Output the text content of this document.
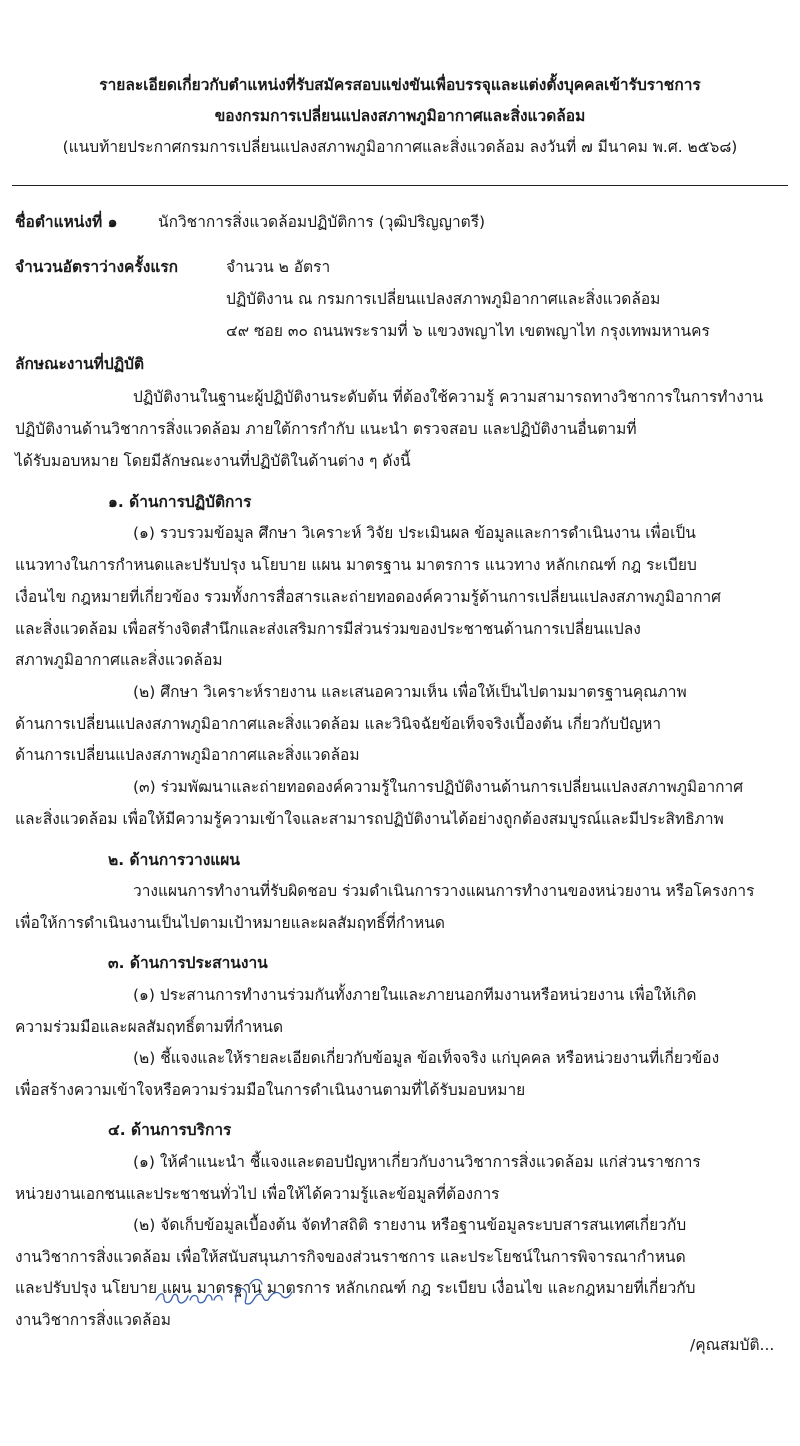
รายละเอียดเกี่ยวกับตำแหน่งที่รับสมัครสอบแข่งขันเพื่อบรรจุและแต่งตั้งบุคคลเข้ารับราชการ
ของกรมการเปลี่ยนแปลงสภาพภูมิอากาศและสิ่งแวดล้อม
(แนบท้ายประกาศกรมการเปลี่ยนแปลงสภาพภูมิอากาศและสิ่งแวดล้อม ลงวันที่ ๗ มีนาคม พ.ศ. ๒๕๖๘)
ชื่อตำแหน่งที่ ๑	นักวิชาการสิ่งแวดล้อมปฏิบัติการ (วุฒิปริญญาตรี)
จำนวนอัตราว่างครั้งแรก	จำนวน ๒ อัตรา
ปฏิบัติงาน ณ กรมการเปลี่ยนแปลงสภาพภูมิอากาศและสิ่งแวดล้อม
๔๙ ซอย ๓๐ ถนนพระรามที่ ๖ แขวงพญาไท เขตพญาไท กรุงเทพมหานคร
ลักษณะงานที่ปฏิบัติ
ปฏิบัติงานในฐานะผู้ปฏิบัติงานระดับต้น ที่ต้องใช้ความรู้ ความสามารถทางวิชาการในการทำงาน
ปฏิบัติงานด้านวิชาการสิ่งแวดล้อม ภายใต้การกำกับ แนะนำ ตรวจสอบ และปฏิบัติงานอื่นตามที่
ได้รับมอบหมาย โดยมีลักษณะงานที่ปฏิบัติในด้านต่าง ๆ ดังนี้
๑. ด้านการปฏิบัติการ
(๑) รวบรวมข้อมูล ศึกษา วิเคราะห์ วิจัย ประเมินผล ข้อมูลและการดำเนินงาน เพื่อเป็น
แนวทางในการกำหนดและปรับปรุง นโยบาย แผน มาตรฐาน มาตรการ แนวทาง หลักเกณฑ์ กฎ ระเบียบ
เงื่อนไข กฎหมายที่เกี่ยวข้อง รวมทั้งการสื่อสารและถ่ายทอดองค์ความรู้ด้านการเปลี่ยนแปลงสภาพภูมิอากาศ
และสิ่งแวดล้อม เพื่อสร้างจิตสำนึกและส่งเสริมการมีส่วนร่วมของประชาชนด้านการเปลี่ยนแปลง
สภาพภูมิอากาศและสิ่งแวดล้อม
(๒) ศึกษา วิเคราะห์รายงาน และเสนอความเห็น เพื่อให้เป็นไปตามมาตรฐานคุณภาพ
ด้านการเปลี่ยนแปลงสภาพภูมิอากาศและสิ่งแวดล้อม และวินิจฉัยข้อเท็จจริงเบื้องต้น เกี่ยวกับปัญหา
ด้านการเปลี่ยนแปลงสภาพภูมิอากาศและสิ่งแวดล้อม
(๓) ร่วมพัฒนาและถ่ายทอดองค์ความรู้ในการปฏิบัติงานด้านการเปลี่ยนแปลงสภาพภูมิอากาศ
และสิ่งแวดล้อม เพื่อให้มีความรู้ความเข้าใจและสามารถปฏิบัติงานได้อย่างถูกต้องสมบูรณ์และมีประสิทธิภาพ
๒. ด้านการวางแผน
วางแผนการทำงานที่รับผิดชอบ ร่วมดำเนินการวางแผนการทำงานของหน่วยงาน หรือโครงการ
เพื่อให้การดำเนินงานเป็นไปตามเป้าหมายและผลสัมฤทธิ์ที่กำหนด
๓. ด้านการประสานงาน
(๑) ประสานการทำงานร่วมกันทั้งภายในและภายนอกทีมงานหรือหน่วยงาน เพื่อให้เกิด
ความร่วมมือและผลสัมฤทธิ์ตามที่กำหนด
(๒) ชี้แจงและให้รายละเอียดเกี่ยวกับข้อมูล ข้อเท็จจริง แก่บุคคล หรือหน่วยงานที่เกี่ยวข้อง
เพื่อสร้างความเข้าใจหรือความร่วมมือในการดำเนินงานตามที่ได้รับมอบหมาย
๔. ด้านการบริการ
(๑) ให้คำแนะนำ ชี้แจงและตอบปัญหาเกี่ยวกับงานวิชาการสิ่งแวดล้อม แก่ส่วนราชการ
หน่วยงานเอกชนและประชาชนทั่วไป เพื่อให้ได้ความรู้และข้อมูลที่ต้องการ
(๒) จัดเก็บข้อมูลเบื้องต้น จัดทำสถิติ รายงาน หรือฐานข้อมูลระบบสารสนเทศเกี่ยวกับ
งานวิชาการสิ่งแวดล้อม เพื่อให้สนับสนุนภารกิจของส่วนราชการ และประโยชน์ในการพิจารณากำหนด
และปรับปรุง นโยบาย แผน มาตรฐาน มาตรการ หลักเกณฑ์ กฎ ระเบียบ เงื่อนไข และกฎหมายที่เกี่ยวกับ
งานวิชาการสิ่งแวดล้อม
/คุณสมบัติ...
